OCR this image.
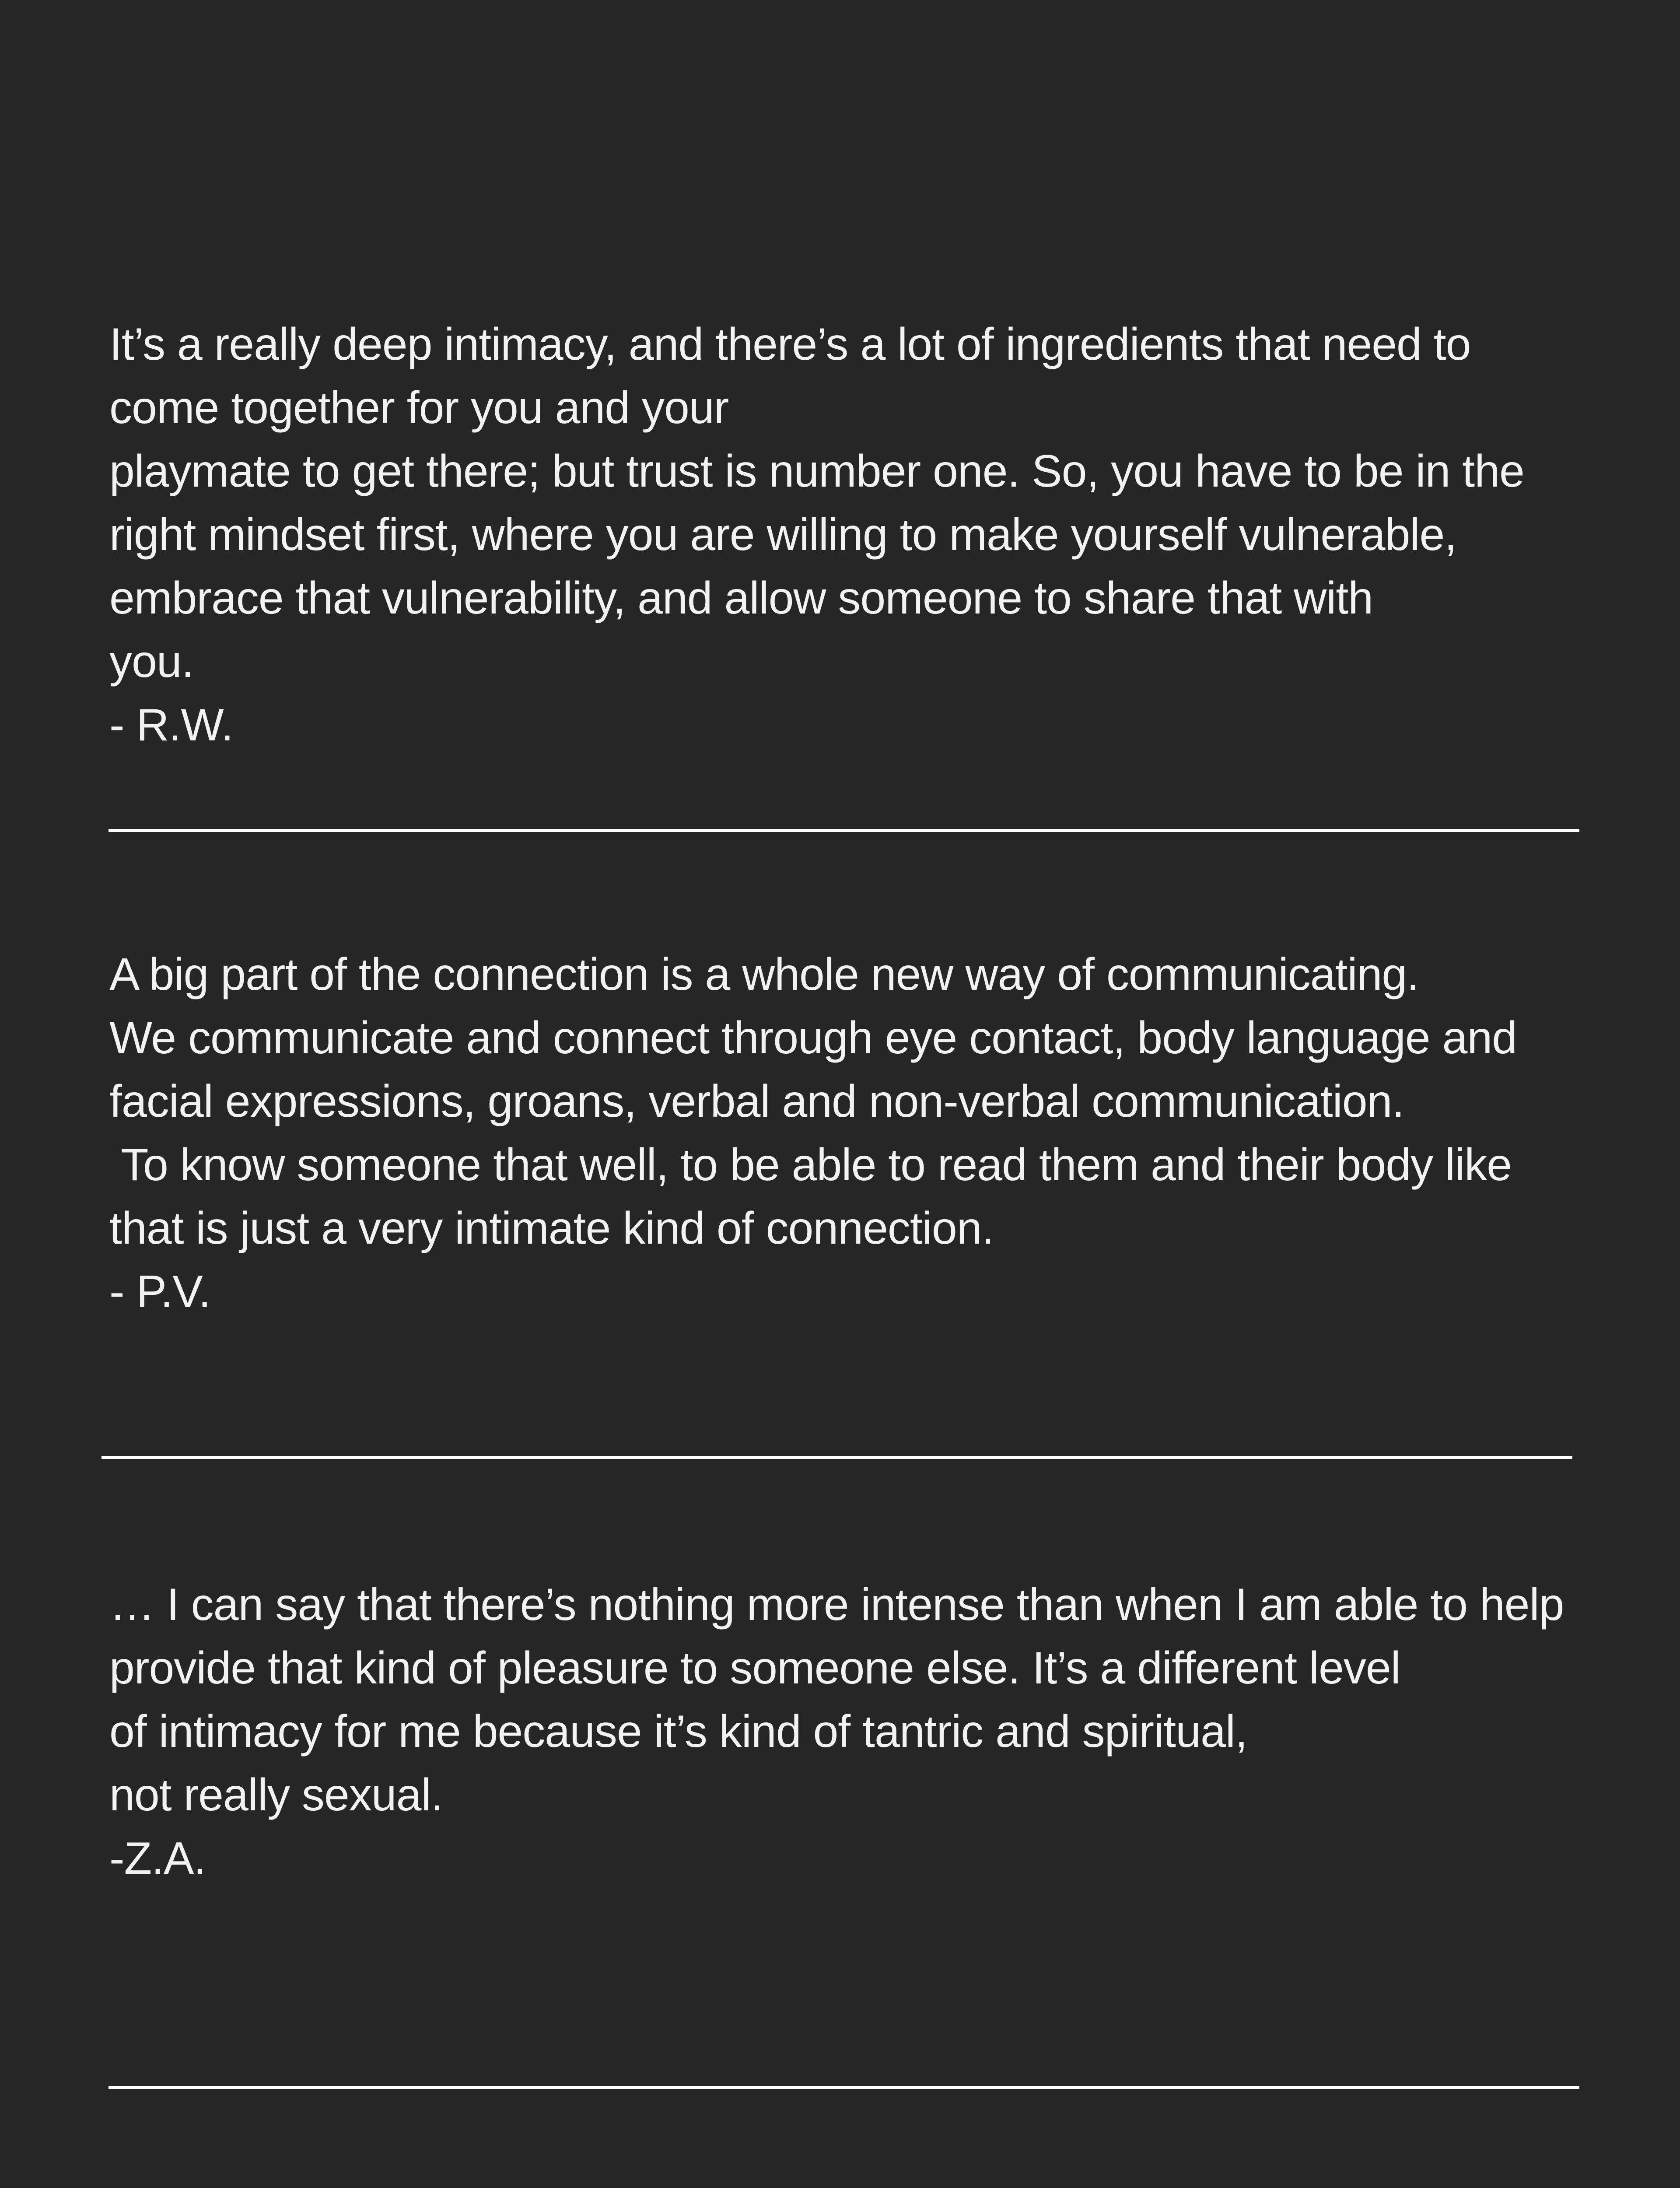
It’s a really deep intimacy, and there’s a lot of ingredients that need to
come together for you and your
playmate to get there; but trust is number one. So, you have to be in the
right mindset first, where you are willing to make yourself vulnerable,
embrace that vulnerability, and allow someone to share that with
you.
- R.W.
A big part of the connection is a whole new way of communicating.
We communicate and connect through eye contact, body language and
facial expressions, groans, verbal and non-verbal communication.
To know someone that well, to be able to read them and their body like
that is just a very intimate kind of connection.
- P.V.
… I can say that there’s nothing more intense than when I am able to help
provide that kind of pleasure to someone else. It’s a different level
of intimacy for me because it’s kind of tantric and spiritual,
not really sexual.
-Z.A.
